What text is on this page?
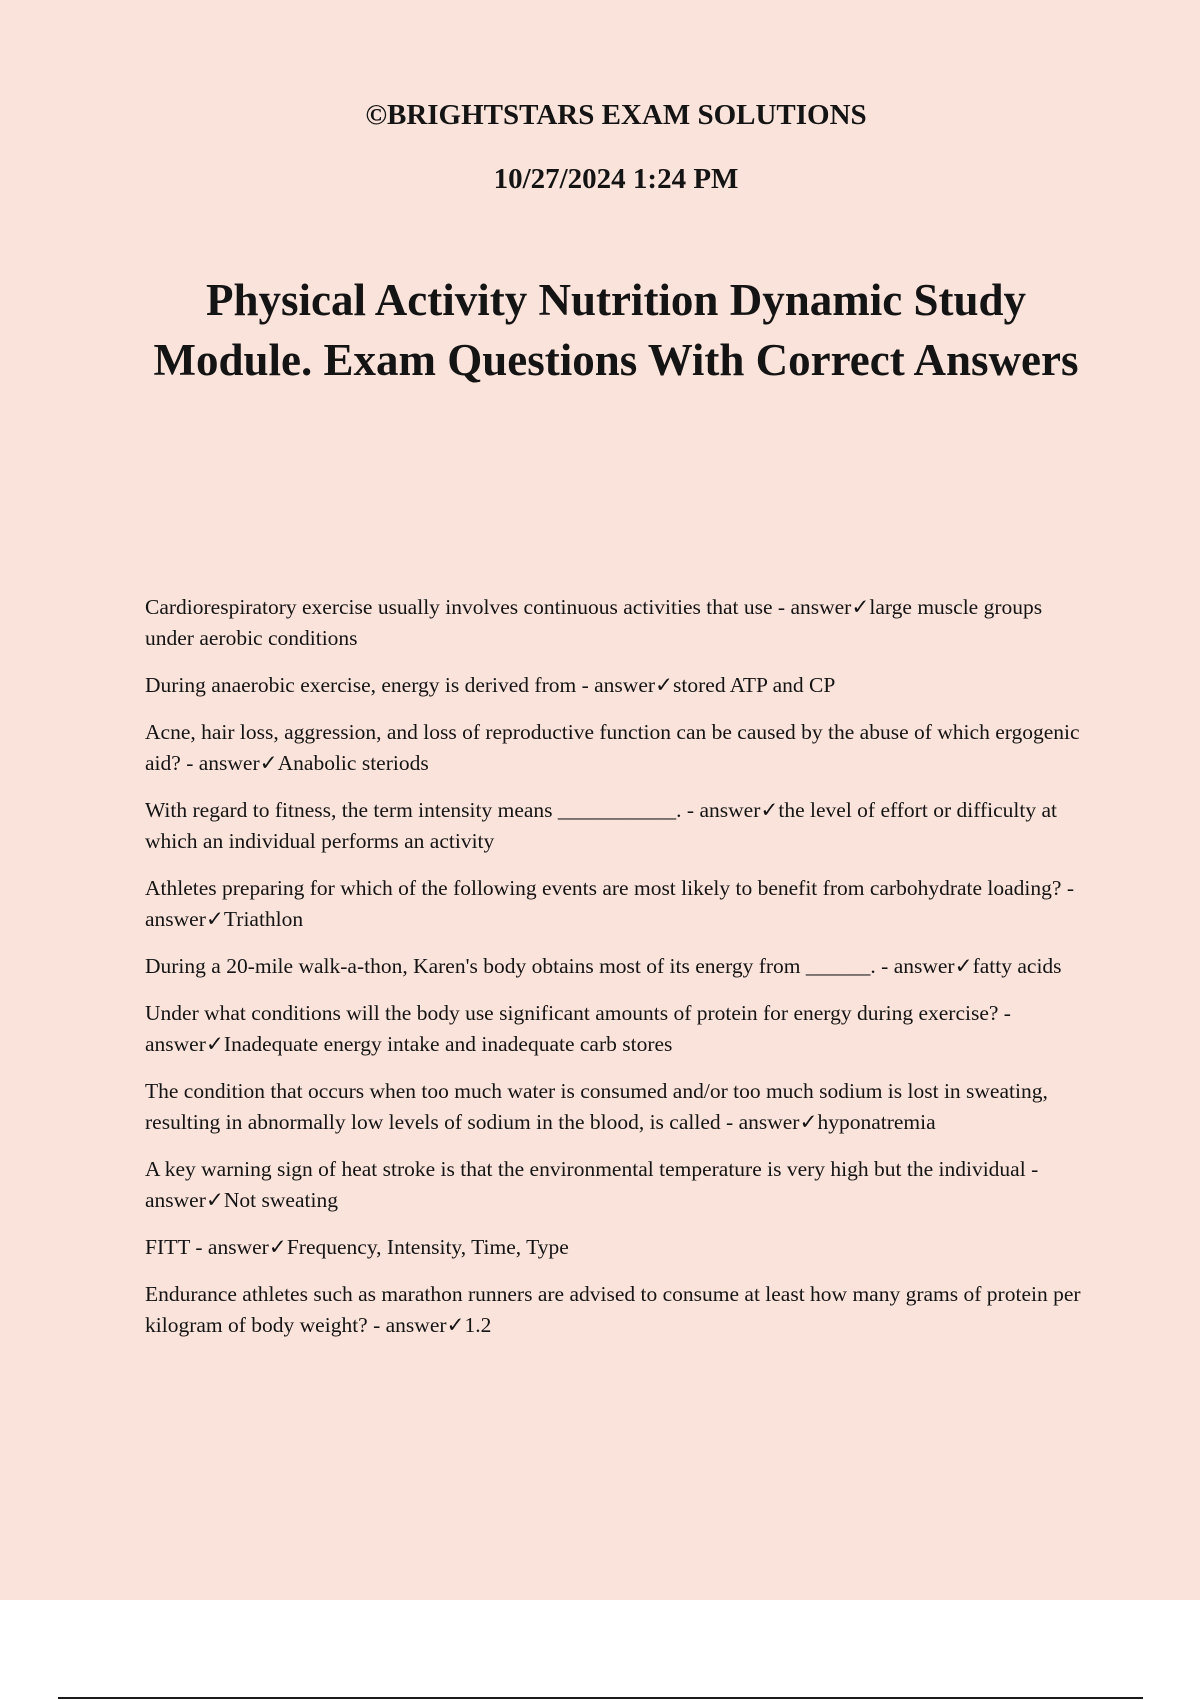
©BRIGHTSTARS EXAM SOLUTIONS

10/27/2024 1:24 PM

Physical Activity Nutrition Dynamic Study Module. Exam Questions With Correct Answers
Cardiorespiratory exercise usually involves continuous activities that use - answer✓large muscle groups under aerobic conditions
During anaerobic exercise, energy is derived from - answer✓stored ATP and CP
Acne, hair loss, aggression, and loss of reproductive function can be caused by the abuse of which ergogenic aid? - answer✓Anabolic steriods
With regard to fitness, the term intensity means ___________. - answer✓the level of effort or difficulty at which an individual performs an activity
Athletes preparing for which of the following events are most likely to benefit from carbohydrate loading? - answer✓Triathlon
During a 20-mile walk-a-thon, Karen's body obtains most of its energy from ______. - answer✓fatty acids
Under what conditions will the body use significant amounts of protein for energy during exercise? - answer✓Inadequate energy intake and inadequate carb stores
The condition that occurs when too much water is consumed and/or too much sodium is lost in sweating, resulting in abnormally low levels of sodium in the blood, is called - answer✓hyponatremia
A key warning sign of heat stroke is that the environmental temperature is very high but the individual - answer✓Not sweating
FITT - answer✓Frequency, Intensity, Time, Type
Endurance athletes such as marathon runners are advised to consume at least how many grams of protein per kilogram of body weight? - answer✓1.2
